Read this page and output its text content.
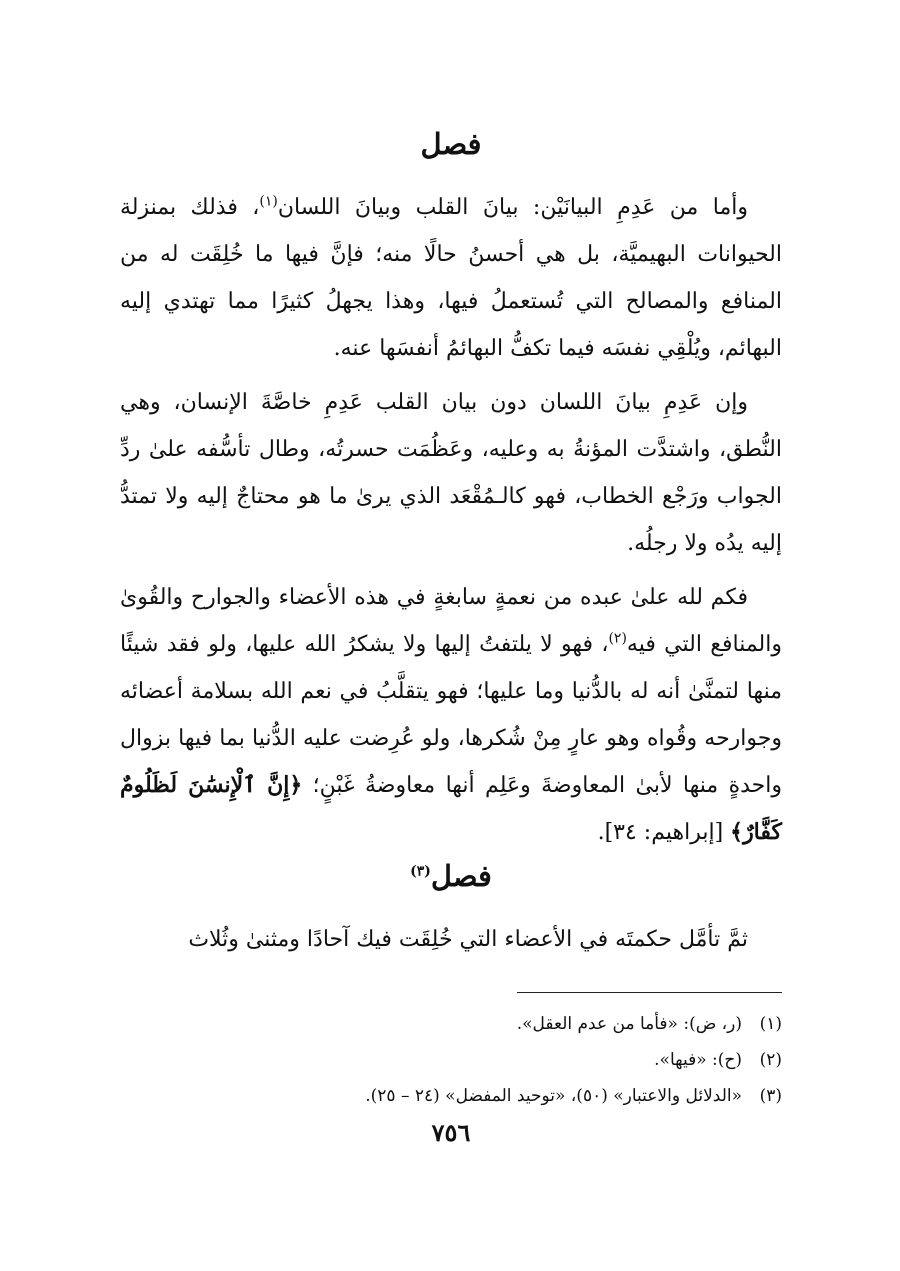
فصل

وأما من عَدِمِ البيانَيْن: بيانَ القلب وبيانَ اللسان$^{(١)}$، فذلك بمنزلة الحيوانات البهيميَّة، بل هي أحسنُ حالًا منه؛ فإنَّ فيها ما خُلِقَت له من المنافع والمصالح التي تُستعملُ فيها، وهذا يجهلُ كثيرًا مما تهتدي إليه البهائم، ويُلْقِي نفسَه فيما تكفُّ البهائمُ أنفسَها عنه.

وإن عَدِمِ بيانَ اللسان دون بيان القلب عَدِمِ خاصَّةَ الإنسان، وهي النُّطق، واشتدَّت المؤنةُ به وعليه، وعَظُمَت حسرتُه، وطال تأسُّفه علىٰ ردِّ الجواب ورَجْع الخطاب، فهو كالـمُقْعَد الذي يرىٰ ما هو محتاجٌ إليه ولا تمتدُّ إليه يدُه ولا رجلُه.

فكم لله علىٰ عبده من نعمةٍ سابغةٍ في هذه الأعضاء والجوارح والقُوىٰ والمنافع التي فيه$^{(٢)}$، فهو لا يلتفتُ إليها ولا يشكرُ الله عليها، ولو فقد شيئًا منها لتمنَّىٰ أنه له بالدُّنيا وما عليها؛ فهو يتقلَّبُ في نعم الله بسلامة أعضائه وجوارحه وقُواه وهو عارٍ مِنْ شُكرها، ولو عُرِضت عليه الدُّنيا بما فيها بزوال واحدةٍ منها لأبىٰ المعاوضةَ وعَلِم أنها معاوضةُ غَبْنٍ؛ ﴿إِنَّ ٱلْإِنسَٰنَ لَظَلُومٌ كَفَّارٌ﴾ [إبراهيم: ٣٤].

فصل$^{(٣)}$

ثمَّ تأمَّل حكمتَه في الأعضاء التي خُلِقَت فيك آحادًا ومثنىٰ وثُلاث

(١)
(ر، ض): «فأما من عدم العقل».
(٢)
(ح): «فيها».
(٣)
«الدلائل والاعتبار» (٥٠)، «توحيد المفضل» (٢٤ – ٢٥).
٧٥٦
